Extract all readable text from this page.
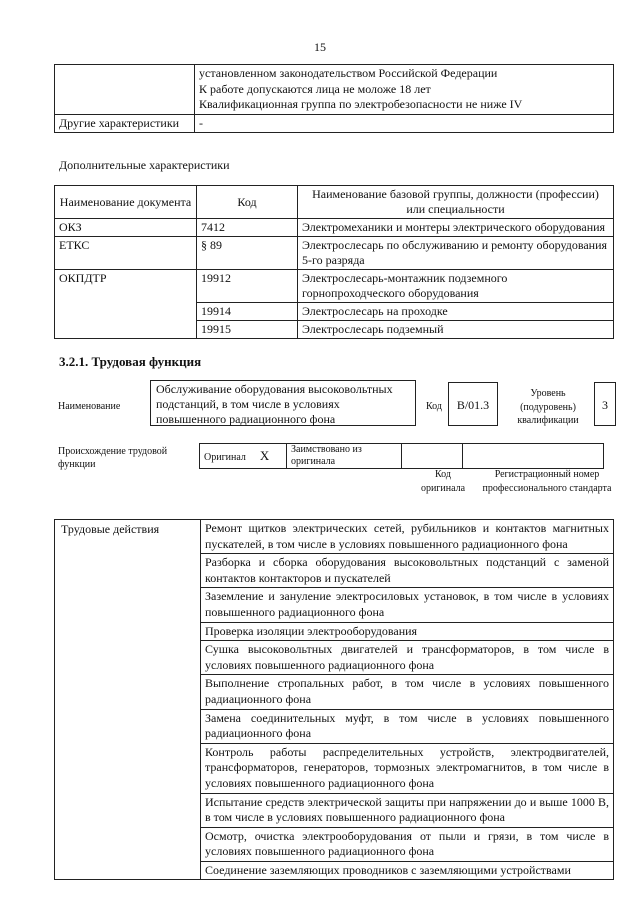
15

	установленном законодательством Российской Федерации

К работе допускаются лица не моложе 18 лет

Квалификационная группа по электробезопасности не ниже IV

Другие характеристики	-

Дополнительные характеристики
Наименование документа	Код	Наименование базовой группы, должности (профессии) или специальности
ОКЗ	7412	Электромеханики и монтеры электрического оборудования
ЕТКС	§ 89	Электрослесарь по обслуживанию и ремонту оборудования 5-го разряда
ОКПДТР	19912	Электрослесарь-монтажник подземного горнопроходческого оборудования
	19914	Электрослесарь на проходке
	19915	Электрослесарь подземный
3.2.1. Трудовая функция
Наименование
Обслуживание оборудования высоковольтных подстанций, в том числе в условиях повышенного радиационного фона
Код	B/01.3
Уровень (подуровень) квалификации
3
Происхождение трудовой функции
Оригинал X	Заимствовано из оригинала		
Код оригинала
Регистрационный номер профессионального стандарта
Трудовые действия	Ремонт щитков электрических сетей, рубильников и контактов магнитных пускателей, в том числе в условиях повышенного радиационного фона
Разборка и сборка оборудования высоковольтных подстанций с заменой контактов контакторов и пускателей
Заземление и зануление электросиловых установок, в том числе в условиях повышенного радиационного фона
Проверка изоляции электрооборудования
Сушка высоковольтных двигателей и трансформаторов, в том числе в условиях повышенного радиационного фона
Выполнение стропальных работ, в том числе в условиях повышенного радиационного фона
Замена соединительных муфт, в том числе в условиях повышенного радиационного фона
Контроль работы распределительных устройств, электродвигателей, трансформаторов, генераторов, тормозных электромагнитов, в том числе в условиях повышенного радиационного фона
Испытание средств электрической защиты при напряжении до и выше 1000 В, в том числе в условиях повышенного радиационного фона
Осмотр, очистка электрооборудования от пыли и грязи, в том числе в условиях повышенного радиационного фона
Соединение заземляющих проводников с заземляющими устройствами
